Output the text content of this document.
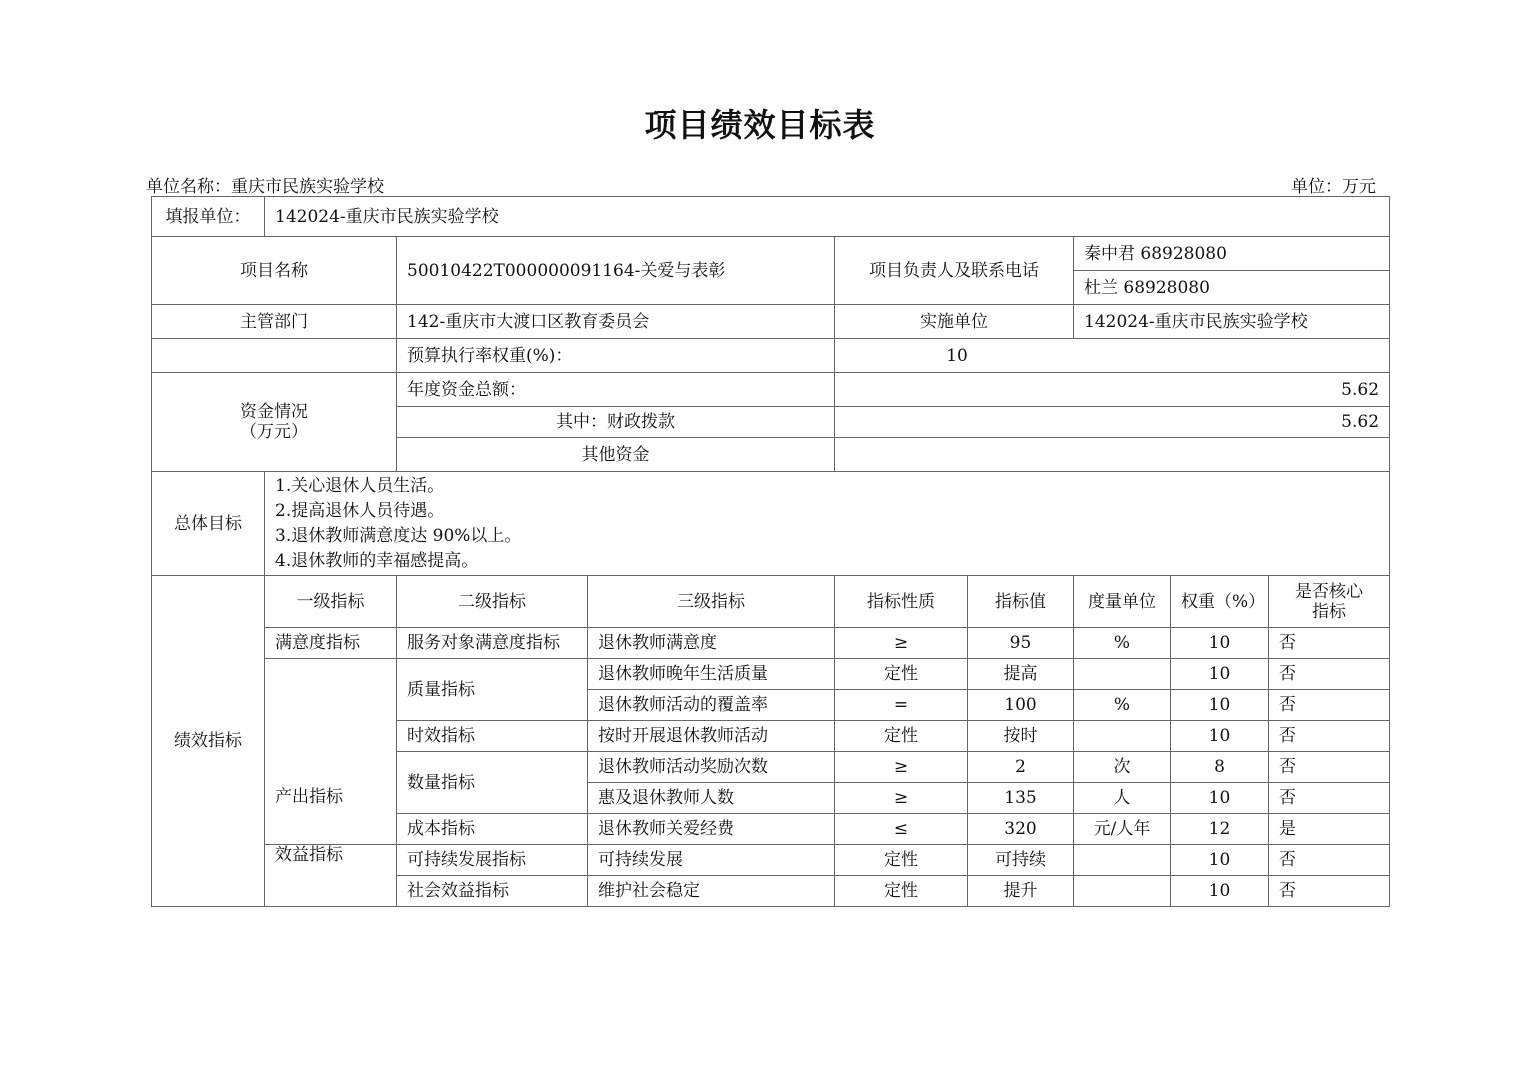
项目绩效目标表
单位名称：重庆市民族实验学校	单位：万元
填报单位：	142024-重庆市民族实验学校							
项目名称		50010422T000000091164-关爱与表彰		项目负责人及联系电话		秦中君 68928080		
						杜兰 68928080		
主管部门		142-重庆市大渡口区教育委员会		实施单位		142024-重庆市民族实验学校		
		预算执行率权重(%)：		10				

资金情况
（万元）		年度资金总额：		5.62				
		其中：财政拨款		5.62				
		其他资金						
总体目标	1.关心退休人员生活。
2.提高退休人员待遇。
3.退休教师满意度达 90%以上。
4.退休教师的幸福感提高。							

绩效指标	一级指标	二级指标	三级指标	指标性质	指标值	度量单位	权重（%）	是否核心
指标

	满意度指标	服务对象满意度指标	退休教师满意度	≥	95	%	10	否
	产出指标	质量指标	退休教师晚年生活质量	定性	提高		10	否
			退休教师活动的覆盖率	=	100	%	10	否
		时效指标	按时开展退休教师活动	定性	按时		10	否
		数量指标	退休教师活动奖励次数	≥	2	次	8	否
			惠及退休教师人数	≥	135	人	10	否
		成本指标	退休教师关爱经费	≤	320	元/人年	12	是
	效益指标	可持续发展指标	可持续发展	定性	可持续		10	否
		社会效益指标	维护社会稳定	定性	提升		10	否
